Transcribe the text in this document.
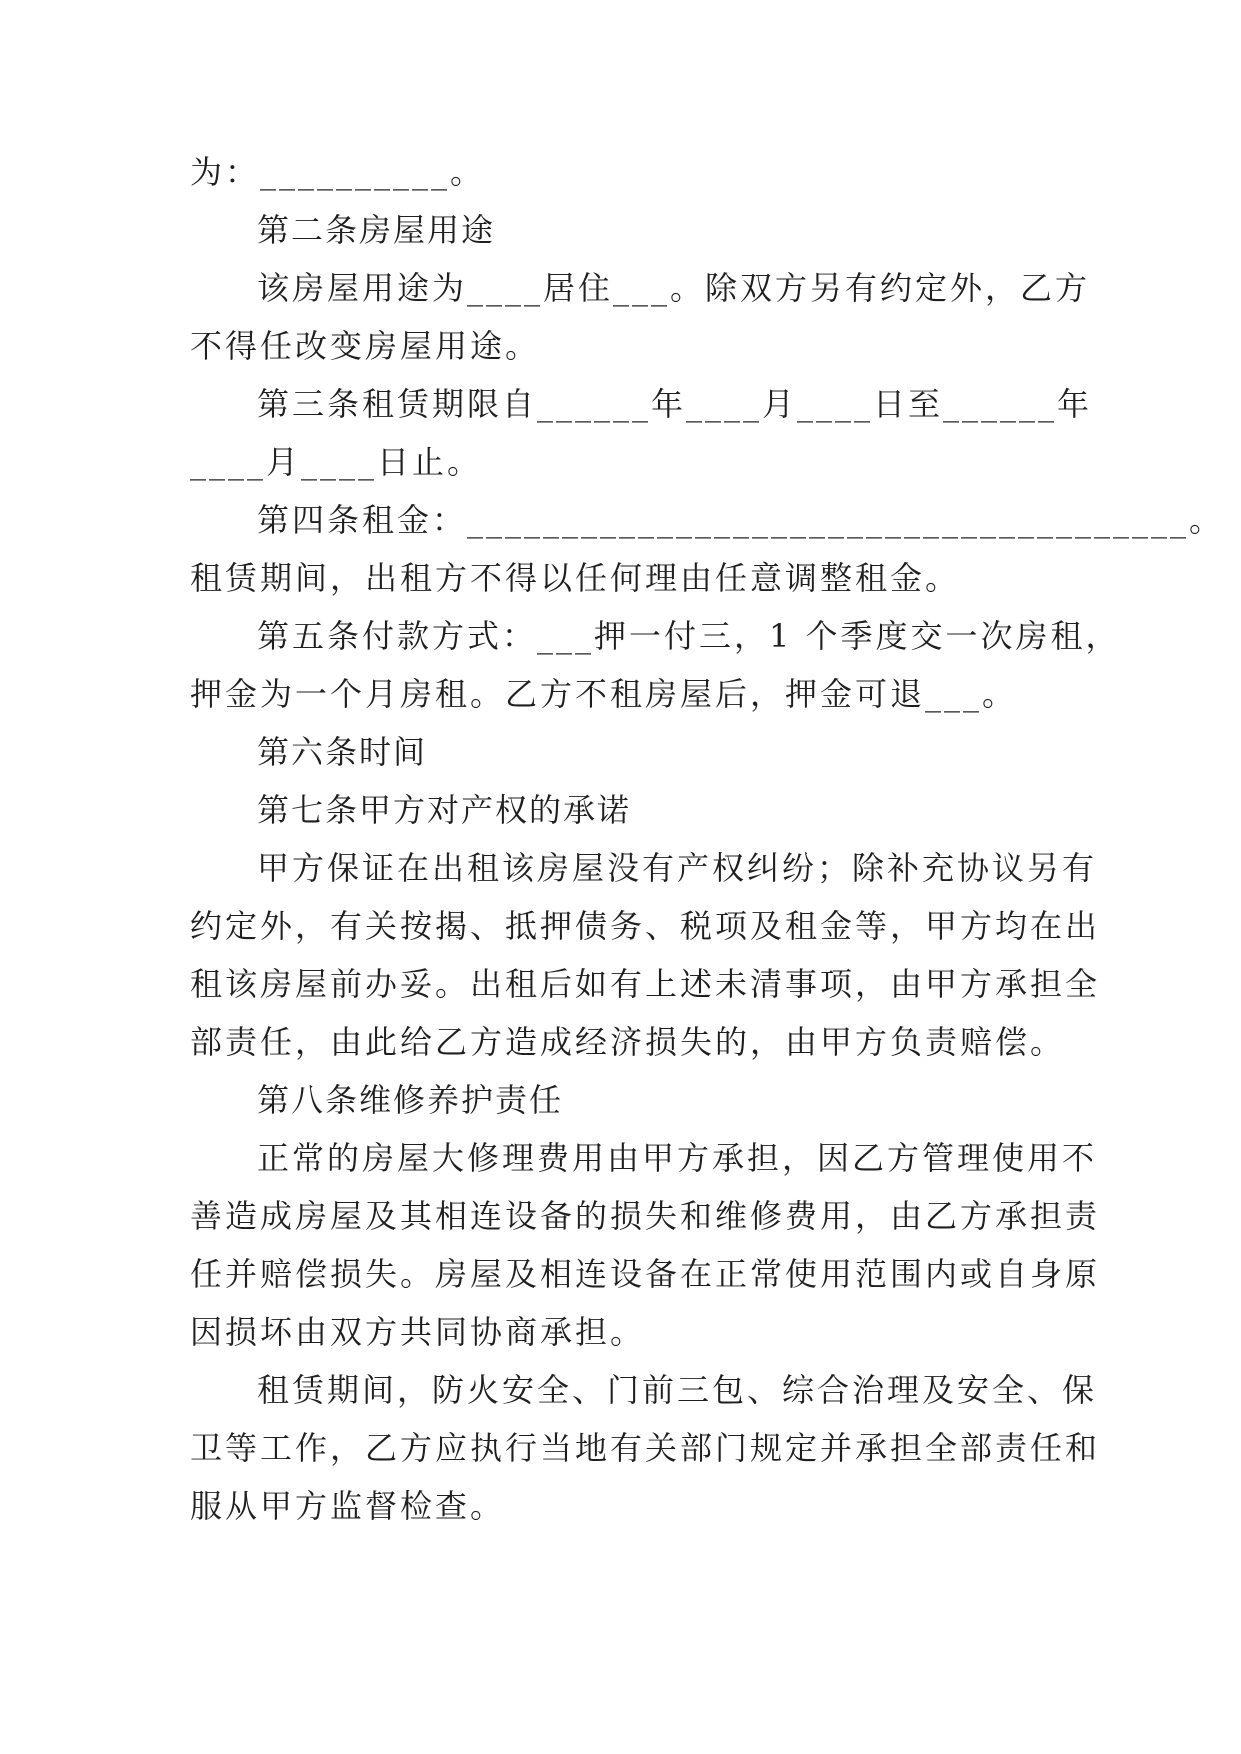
为：__________。
第二条房屋用途
该房屋用途为____居住___。除双方另有约定外，乙方
不得任改变房屋用途。
第三条租赁期限自______年____月____日至______年
____月____日止。
第四条租金：______________________________________。
租赁期间，出租方不得以任何理由任意调整租金。
第五条付款方式：___押一付三，1 个季度交一次房租，
押金为一个月房租。乙方不租房屋后，押金可退___。
第六条时间
第七条甲方对产权的承诺
甲方保证在出租该房屋没有产权纠纷；除补充协议另有
约定外，有关按揭、抵押债务、税项及租金等，甲方均在出
租该房屋前办妥。出租后如有上述未清事项，由甲方承担全
部责任，由此给乙方造成经济损失的，由甲方负责赔偿。
第八条维修养护责任
正常的房屋大修理费用由甲方承担，因乙方管理使用不
善造成房屋及其相连设备的损失和维修费用，由乙方承担责
任并赔偿损失。房屋及相连设备在正常使用范围内或自身原
因损坏由双方共同协商承担。
租赁期间，防火安全、门前三包、综合治理及安全、保
卫等工作，乙方应执行当地有关部门规定并承担全部责任和
服从甲方监督检查。
